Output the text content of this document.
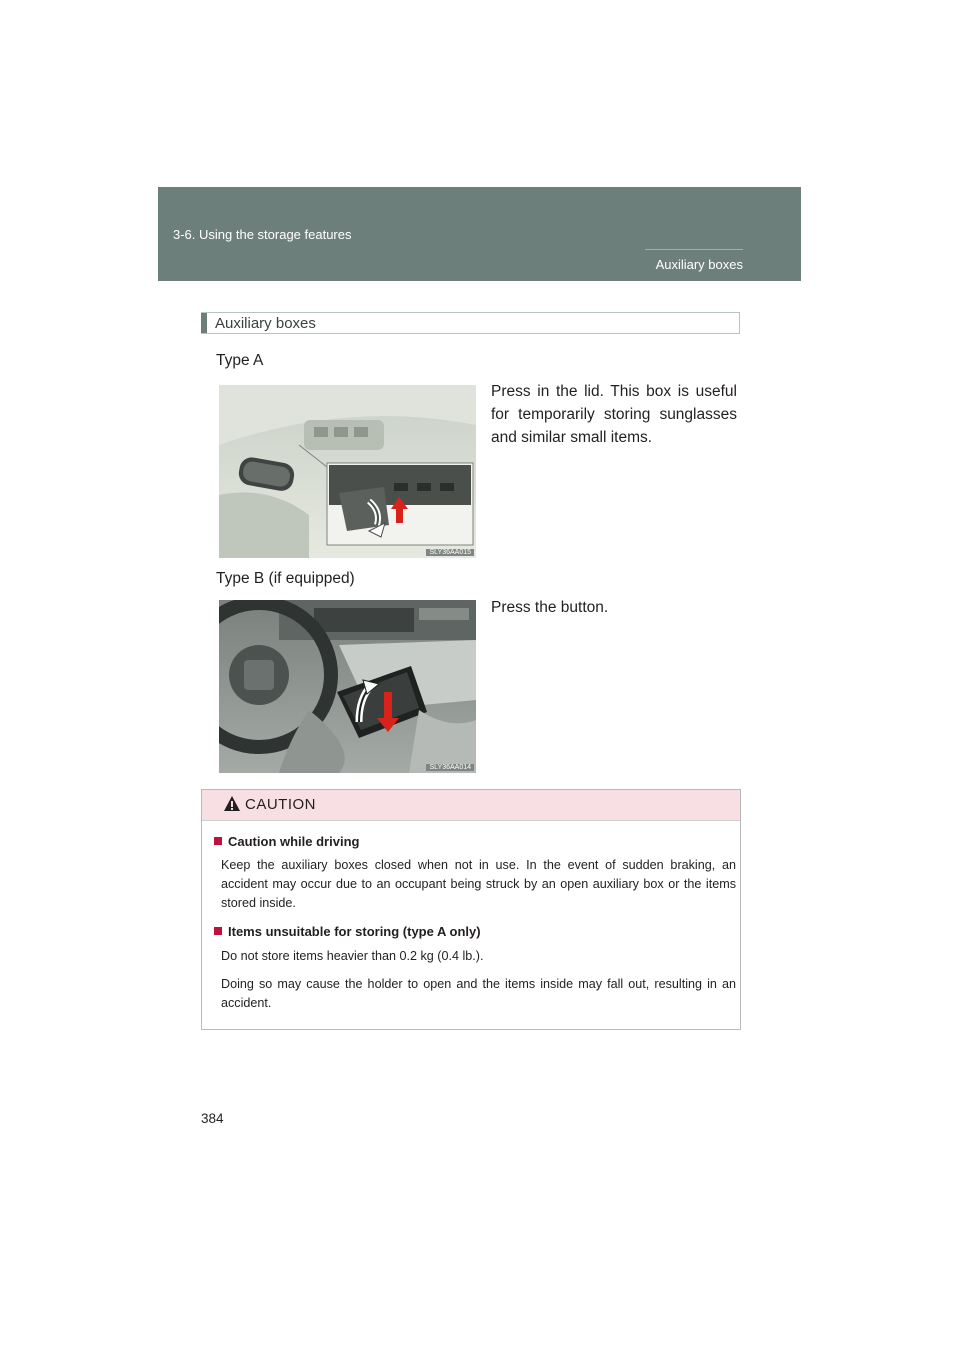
3-6. Using the storage features
Auxiliary boxes
Auxiliary boxes
Type A
SLY36AA015
Press in the lid. This box is useful for temporarily storing sunglasses and similar small items.
Type B (if equipped)
SLY36AA014
Press the button.
CAUTION
Caution while driving
Keep the auxiliary boxes closed when not in use. In the event of sudden braking, an accident may occur due to an occupant being struck by an open auxiliary box or the items stored inside.
Items unsuitable for storing (type A only)
Do not store items heavier than 0.2 kg (0.4 lb.).
Doing so may cause the holder to open and the items inside may fall out, resulting in an accident.
384
